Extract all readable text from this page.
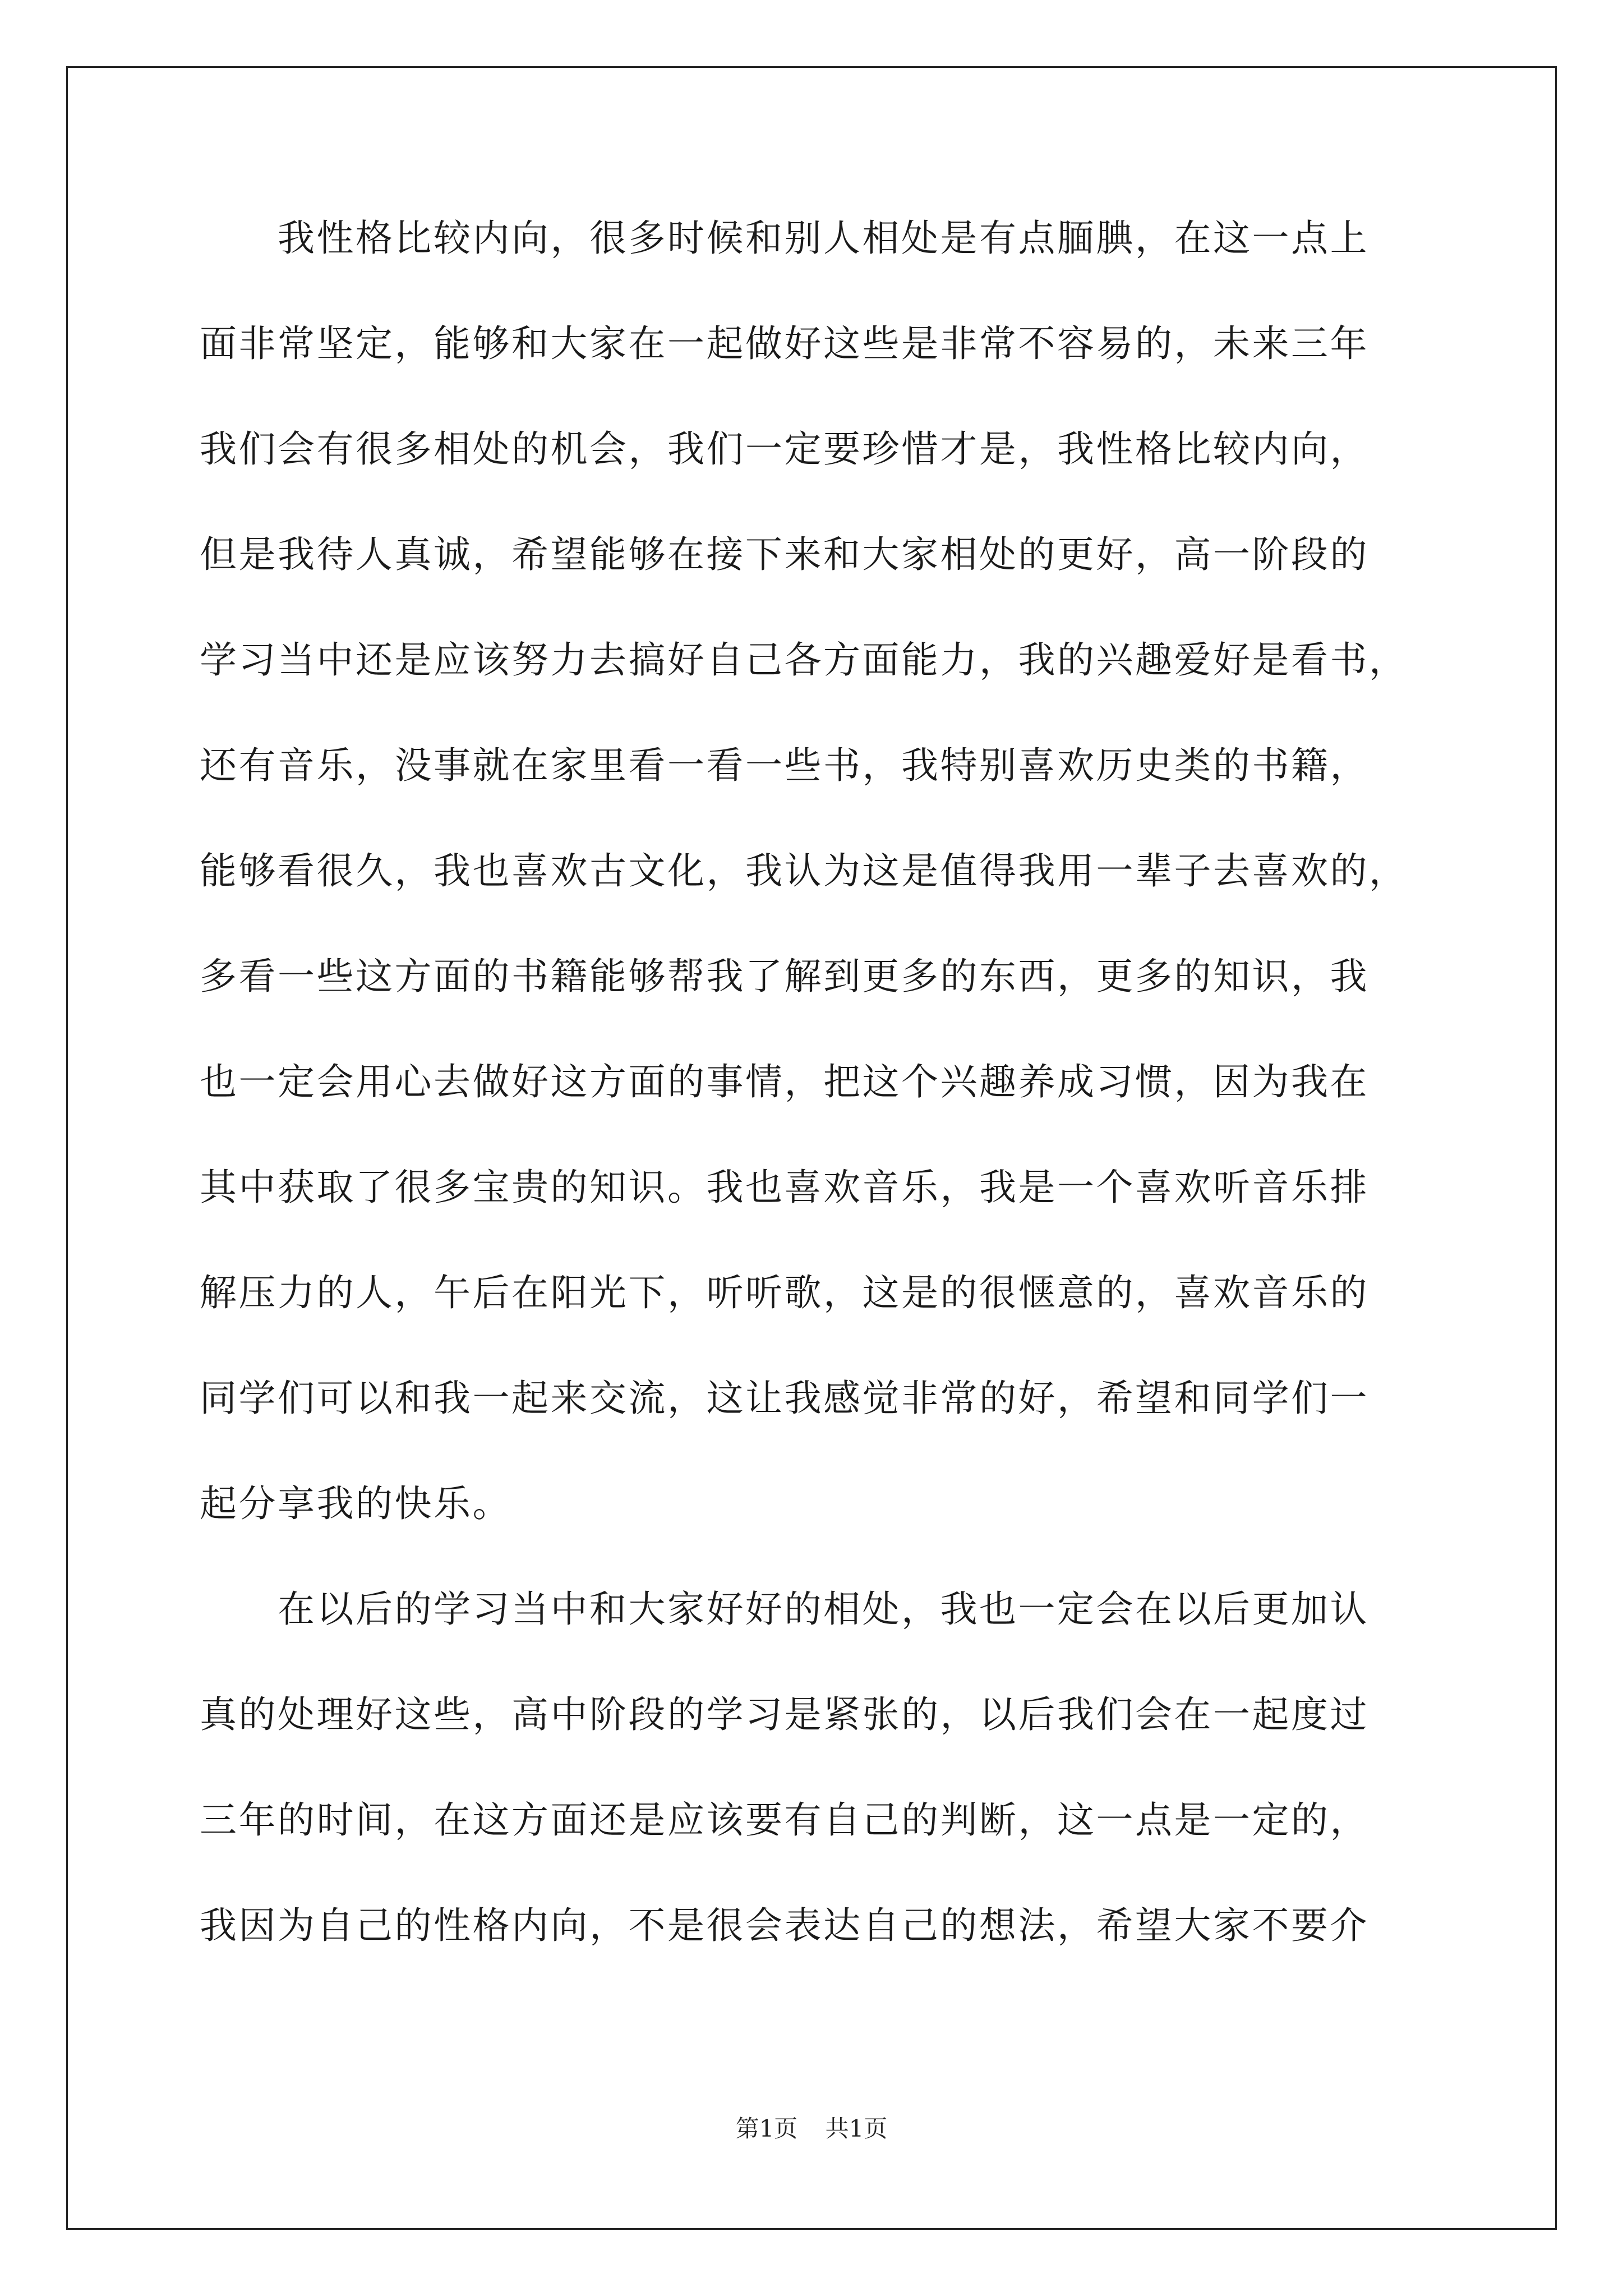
　　我性格比较内向，很多时候和别人相处是有点腼腆，在这一点上
面非常坚定，能够和大家在一起做好这些是非常不容易的，未来三年
我们会有很多相处的机会，我们一定要珍惜才是，我性格比较内向，
但是我待人真诚，希望能够在接下来和大家相处的更好，高一阶段的
学习当中还是应该努力去搞好自己各方面能力，我的兴趣爱好是看书，
还有音乐，没事就在家里看一看一些书，我特别喜欢历史类的书籍，
能够看很久，我也喜欢古文化，我认为这是值得我用一辈子去喜欢的，
多看一些这方面的书籍能够帮我了解到更多的东西，更多的知识，我
也一定会用心去做好这方面的事情，把这个兴趣养成习惯，因为我在
其中获取了很多宝贵的知识。我也喜欢音乐，我是一个喜欢听音乐排
解压力的人，午后在阳光下，听听歌，这是的很惬意的，喜欢音乐的
同学们可以和我一起来交流，这让我感觉非常的好，希望和同学们一
起分享我的快乐。
　　在以后的学习当中和大家好好的相处，我也一定会在以后更加认
真的处理好这些，高中阶段的学习是紧张的，以后我们会在一起度过
三年的时间，在这方面还是应该要有自己的判断，这一点是一定的，
我因为自己的性格内向，不是很会表达自己的想法，希望大家不要介
第1页 共1页
